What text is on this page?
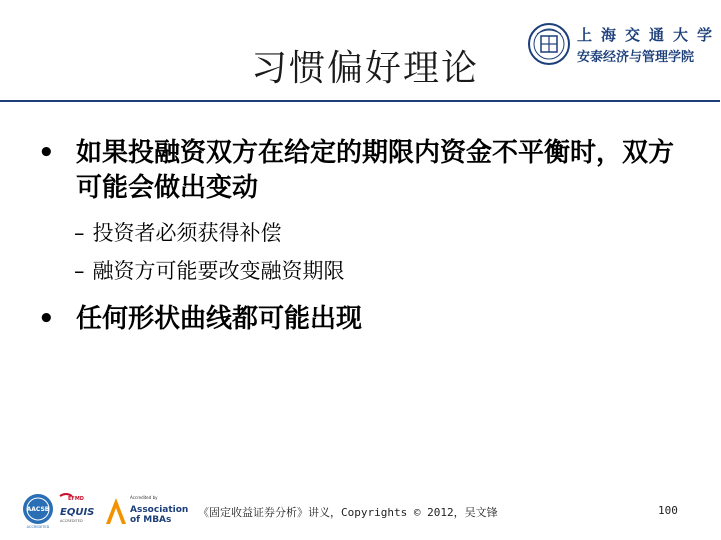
习惯偏好理论
上海交通大学
安泰经济与管理学院
• 如果投融资双方在给定的期限内资金不平衡时，双方可能会做出变动
– 投资者必须获得补偿
– 融资方可能要改变融资期限
• 任何形状曲线都可能出现
AACSB
ACCREDITED
EFMD
EQUIS
ACCREDITED
Accredited by
Association
of MBAs
《固定收益证券分析》讲义，Copyrights © 2012，吴文锋	100
